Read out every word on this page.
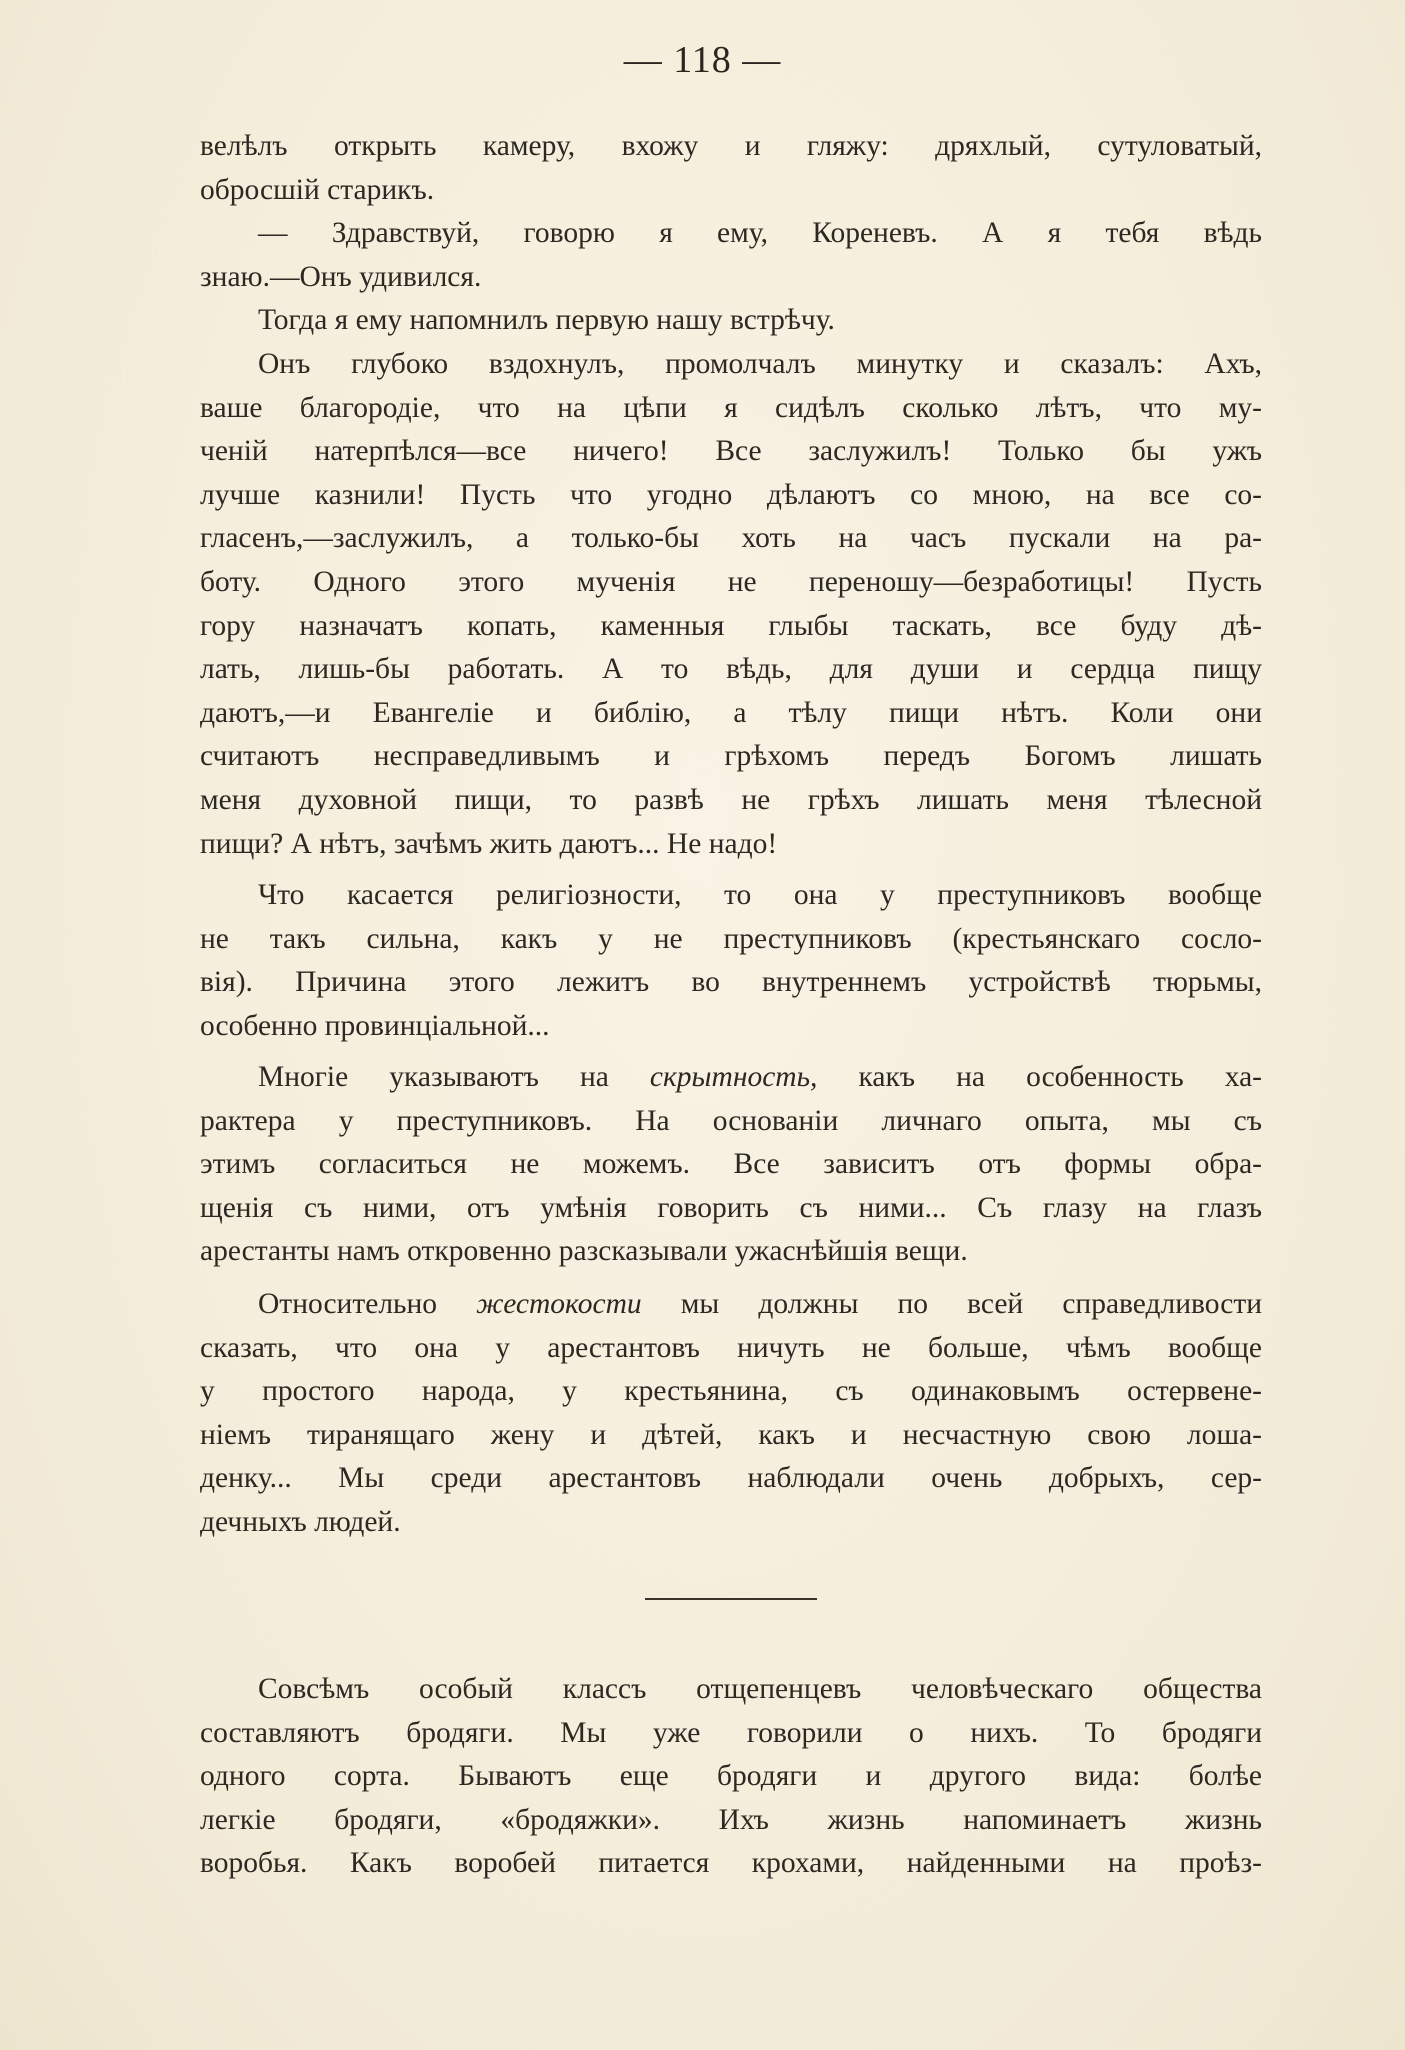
— 118 —
велѣлъ открыть камеру, вхожу и гляжу: дряхлый, сутуловатый,
обросшій старикъ.
— Здравствуй, говорю я ему, Кореневъ. А я тебя вѣдь
знаю.—Онъ удивился.
Тогда я ему напомнилъ первую нашу встрѣчу.
Онъ глубоко вздохнулъ, промолчалъ минутку и сказалъ: Ахъ,
ваше благородіе, что на цѣпи я сидѣлъ сколько лѣтъ, что му-
ченій натерпѣлся—все ничего! Все заслужилъ! Только бы ужъ
лучше казнили! Пусть что угодно дѣлаютъ со мною, на все со-
гласенъ,—заслужилъ, а только-бы хоть на часъ пускали на ра-
боту. Одного этого мученія не переношу—безработицы! Пусть
гору назначатъ копать, каменныя глыбы таскать, все буду дѣ-
лать, лишь-бы работать. А то вѣдь, для души и сердца пищу
даютъ,—и Евангеліе и библію, а тѣлу пищи нѣтъ. Коли они
считаютъ несправедливымъ и грѣхомъ передъ Богомъ лишать
меня духовной пищи, то развѣ не грѣхъ лишать меня тѣлесной
пищи? А нѣтъ, зачѣмъ жить даютъ... Не надо!
Что касается религіозности, то она у преступниковъ вообще
не такъ сильна, какъ у не преступниковъ (крестьянскаго сосло-
вія). Причина этого лежитъ во внутреннемъ устройствѣ тюрьмы,
особенно провинціальной...
Многіе указываютъ на скрытность, какъ на особенность ха-
рактера у преступниковъ. На основаніи личнаго опыта, мы съ
этимъ согласиться не можемъ. Все зависитъ отъ формы обра-
щенія съ ними, отъ умѣнія говорить съ ними... Съ глазу на глазъ
арестанты намъ откровенно разсказывали ужаснѣйшія вещи.
Относительно жестокости мы должны по всей справедливости
сказать, что она у арестантовъ ничуть не больше, чѣмъ вообще
у простого народа, у крестьянина, съ одинаковымъ остервене-
ніемъ тиранящаго жену и дѣтей, какъ и несчастную свою лоша-
денку... Мы среди арестантовъ наблюдали очень добрыхъ, сер-
дечныхъ людей.
Совсѣмъ особый классъ отщепенцевъ человѣческаго общества
составляютъ бродяги. Мы уже говорили о нихъ. То бродяги
одного сорта. Бываютъ еще бродяги и другого вида: болѣе
легкіе бродяги, «бродяжки». Ихъ жизнь напоминаетъ жизнь
воробья. Какъ воробей питается крохами, найденными на проѣз-
